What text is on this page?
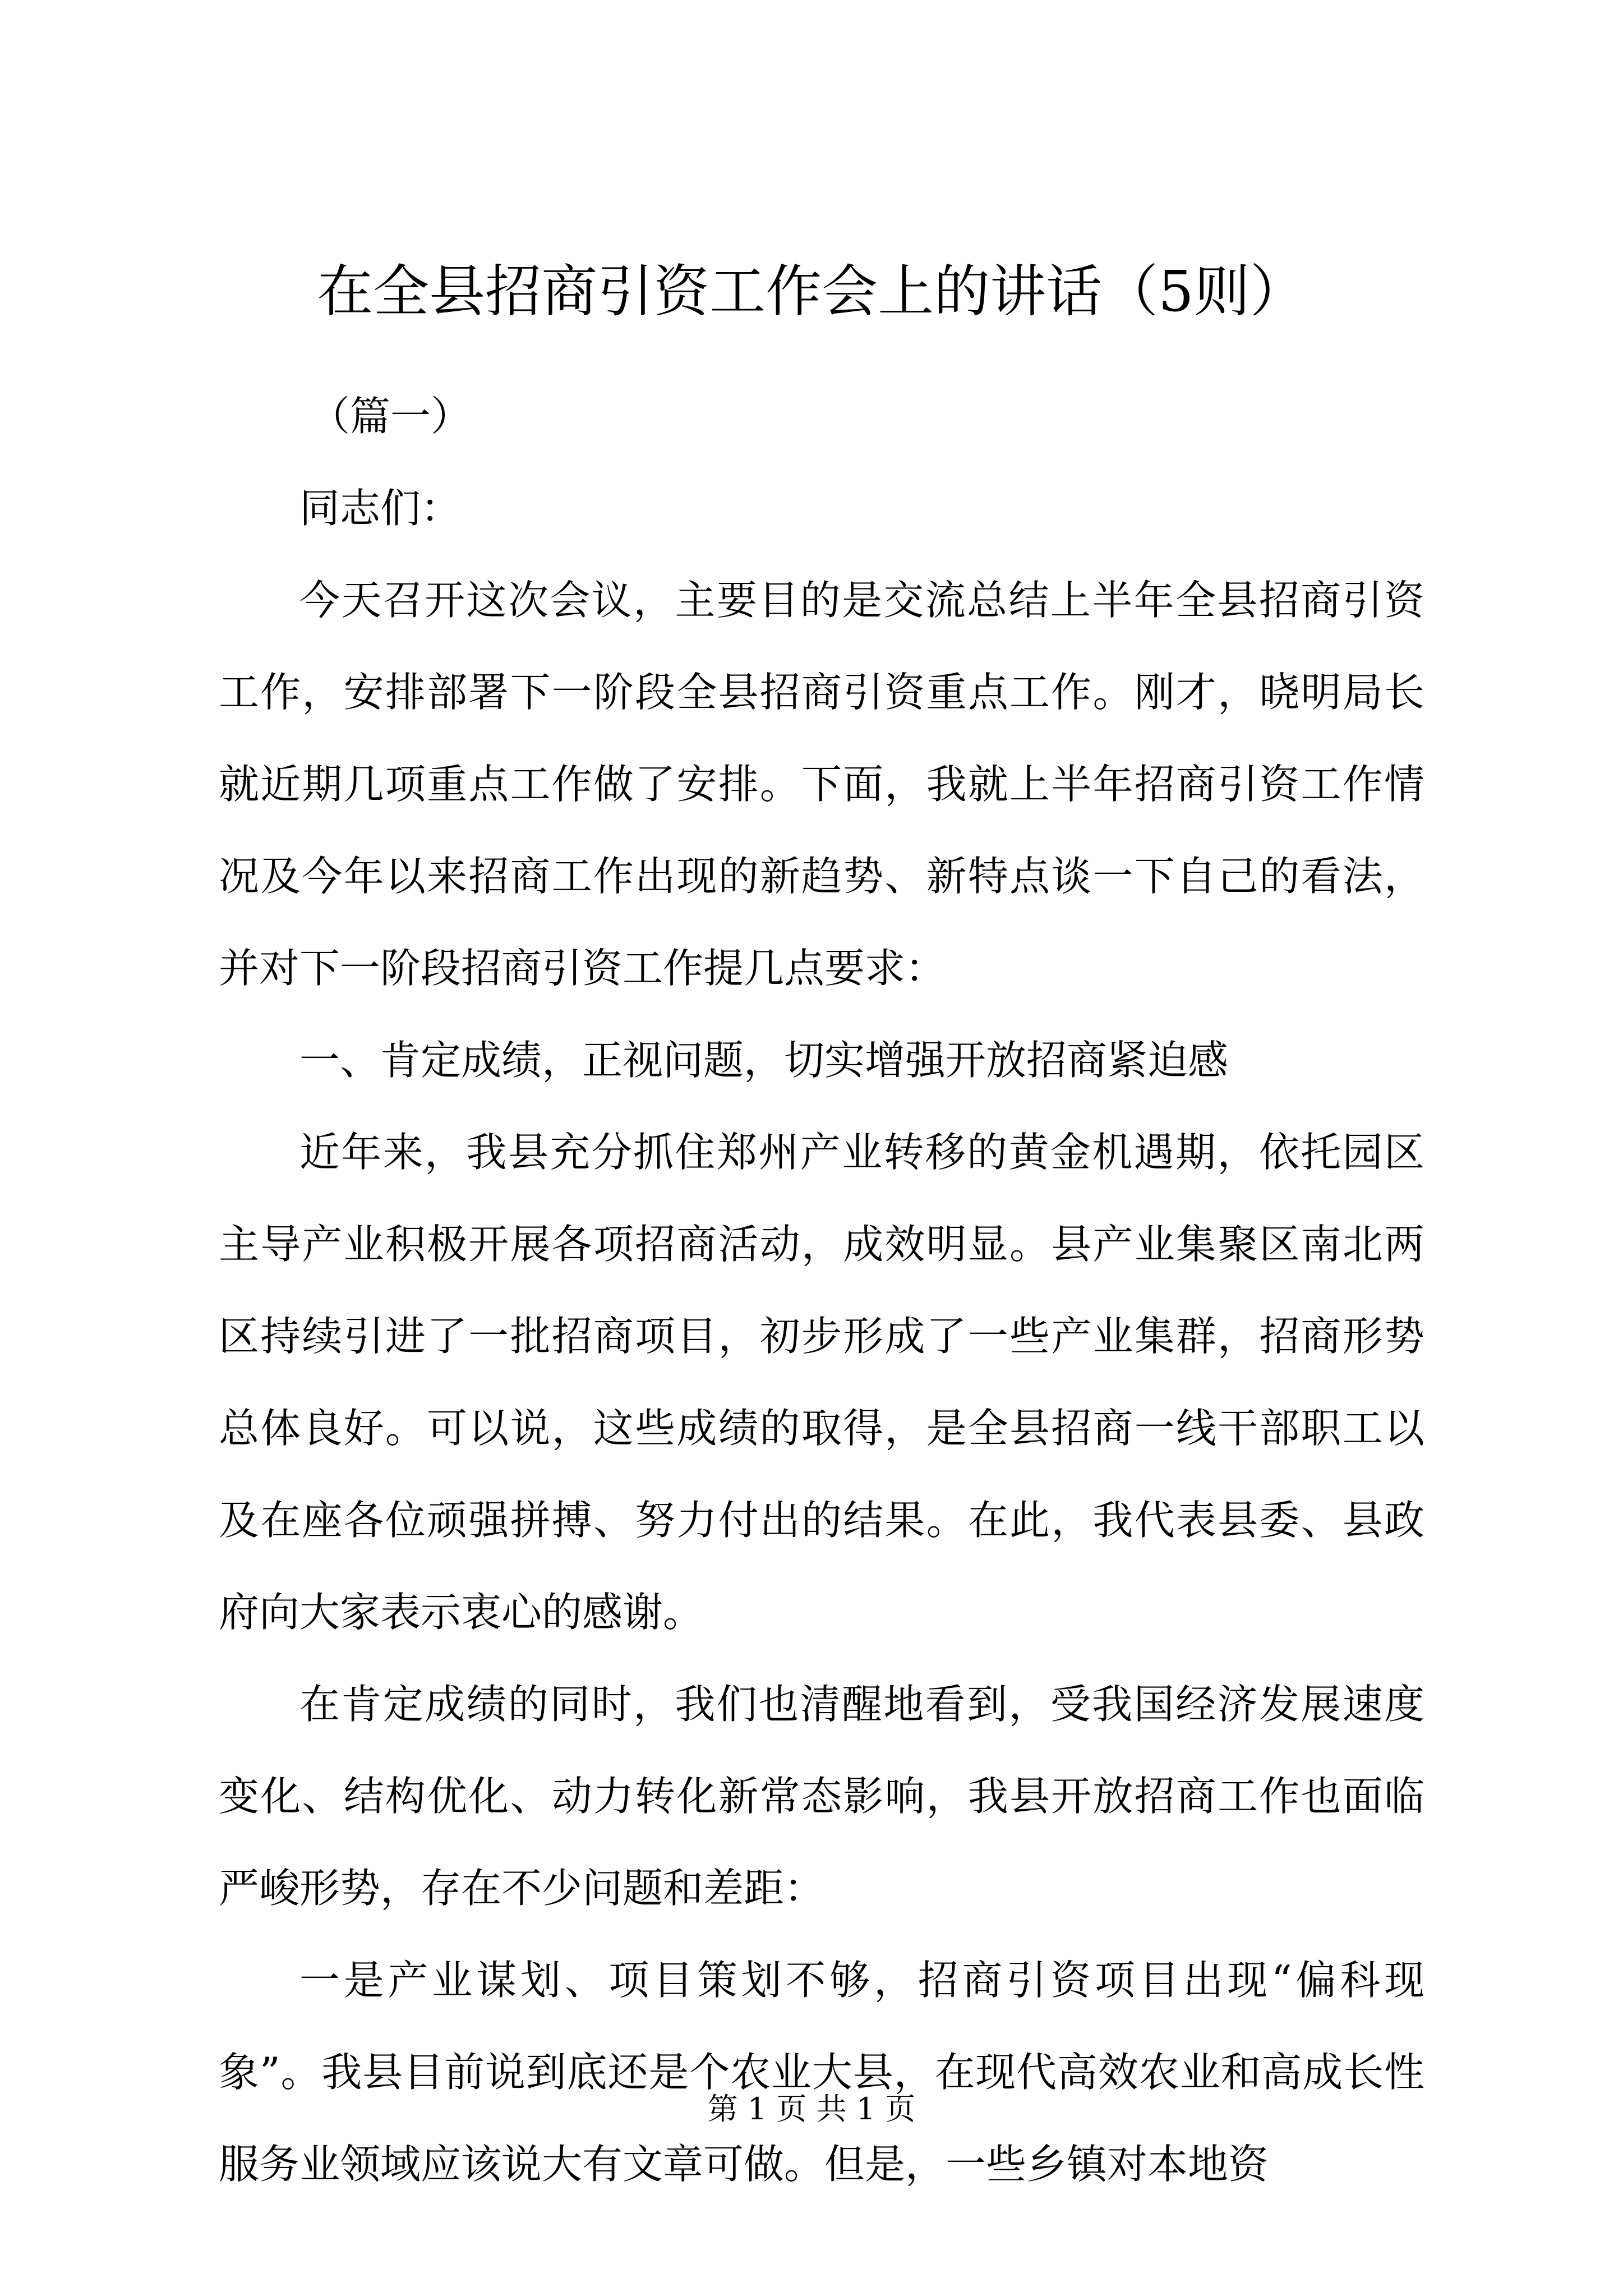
在全县招商引资工作会上的讲话（5则）

（篇一）

同志们：

今天召开这次会议，主要目的是交流总结上半年全县招商引资工作，安排部署下一阶段全县招商引资重点工作。刚才，晓明局长就近期几项重点工作做了安排。下面，我就上半年招商引资工作情况及今年以来招商工作出现的新趋势、新特点谈一下自己的看法，并对下一阶段招商引资工作提几点要求：

一、肯定成绩，正视问题，切实增强开放招商紧迫感

近年来，我县充分抓住郑州产业转移的黄金机遇期，依托园区主导产业积极开展各项招商活动，成效明显。县产业集聚区南北两区持续引进了一批招商项目，初步形成了一些产业集群，招商形势总体良好。可以说，这些成绩的取得，是全县招商一线干部职工以及在座各位顽强拼搏、努力付出的结果。在此，我代表县委、县政府向大家表示衷心的感谢。

在肯定成绩的同时，我们也清醒地看到，受我国经济发展速度变化、结构优化、动力转化新常态影响，我县开放招商工作也面临严峻形势，存在不少问题和差距：

一是产业谋划、项目策划不够，招商引资项目出现“偏科现象”。我县目前说到底还是个农业大县，在现代高效农业和高成长性服务业领域应该说大有文章可做。但是，一些乡镇对本地资

第 1 页 共 1 页
